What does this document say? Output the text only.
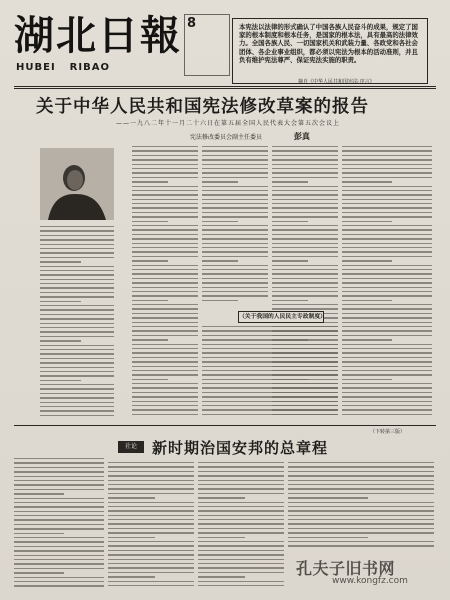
湖北日報
HUBEI RIBAO
8	本宪法以法律的形式确认了中国各族人民奋斗的成果，规定了国家的根本制度和根本任务，是国家的根本法，具有最高的法律效力。全国各族人民、一切国家机关和武装力量、各政党和各社会团体、各企业事业组织，都必须以宪法为根本的活动准则，并且负有维护宪法尊严、保证宪法实施的职责。
摘自《中华人民共和国宪法·序言》
关于中华人民共和国宪法修改草案的报告
——一九八二年十一月二十六日在第五届全国人民代表大会第五次会议上
宪法修改委员会副主任委员	彭真
（关于我国的人民民主专政制度）
（下转第三版）
社论	新时期治国安邦的总章程
孔夫子旧书网
www.kongfz.com
